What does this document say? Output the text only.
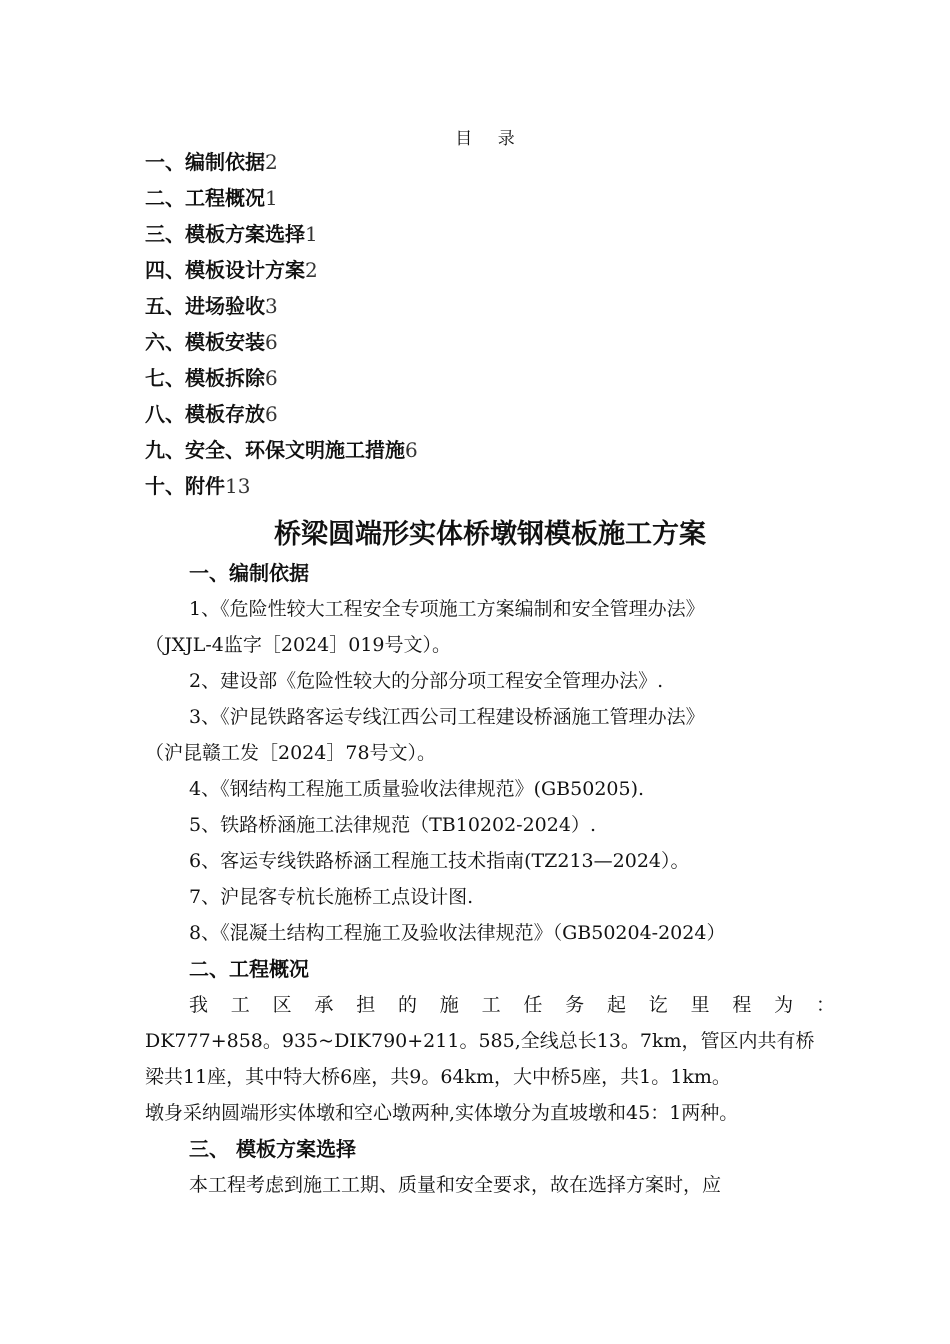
目 录
一、编制依据2
二、工程概况1
三、模板方案选择1
四、模板设计方案2
五、进场验收3
六、模板安装6
七、模板拆除6
八、模板存放6
九、安全、环保文明施工措施6
十、附件13
桥梁圆端形实体桥墩钢模板施工方案
一、编制依据
1、《危险性较大工程安全专项施工方案编制和安全管理办法》
（JXJL-4监字［2024］019号文）。
2、建设部《危险性较大的分部分项工程安全管理办法》.
3、《沪昆铁路客运专线江西公司工程建设桥涵施工管理办法》
（沪昆赣工发［2024］78号文）。
4、《钢结构工程施工质量验收法律规范》(GB50205).
5、铁路桥涵施工法律规范（TB10202-2024）.
6、客运专线铁路桥涵工程施工技术指南(TZ213—2024）。
7、沪昆客专杭长施桥工点设计图.
8、《混凝土结构工程施工及验收法律规范》（GB50204-2024）
二、工程概况
我 工 区 承 担 的 施 工 任 务 起 讫 里 程 为 ：
DK777+858。935~DIK790+211。585,全线总长13。7km，管区内共有桥
梁共11座，其中特大桥6座，共9。64km，大中桥5座，共1。1km。
墩身采纳圆端形实体墩和空心墩两种,实体墩分为直坡墩和45：1两种。
三、 模板方案选择
本工程考虑到施工工期、质量和安全要求，故在选择方案时，应
